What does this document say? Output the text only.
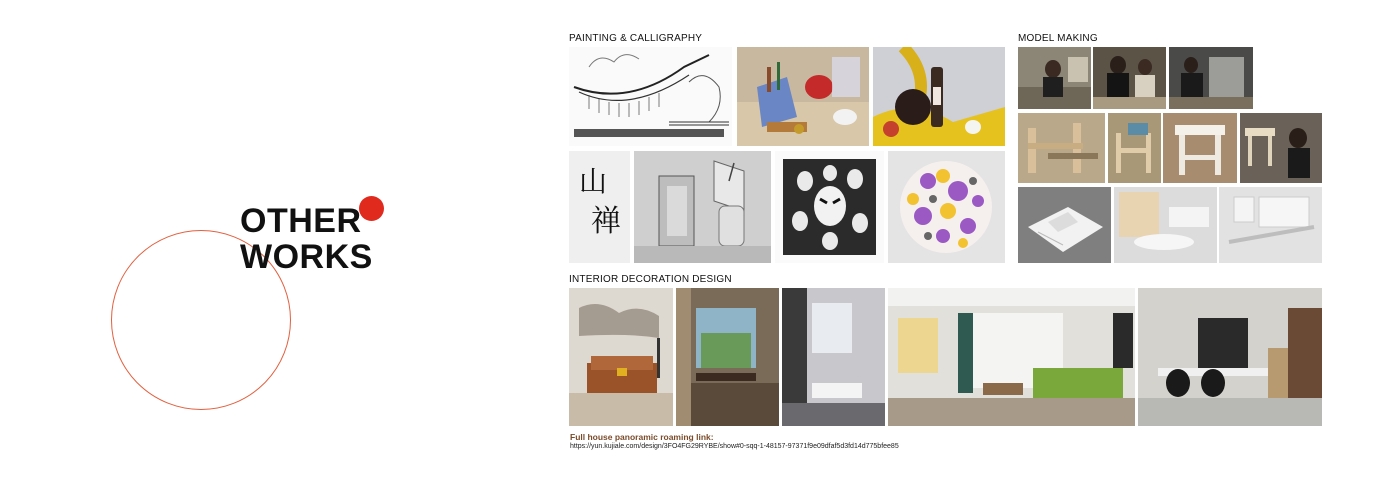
OTHER
WORKS
PAINTING & CALLIGRAPHY	MODEL MAKING
INTERIOR DECORATION DESIGN
山
禅
Full house panoramic roaming link:
https://yun.kujiale.com/design/3FO4FG29RYBE/show#0-sqq-1-48157-97371f9e09dfaf5d3fd14d775bfee85
